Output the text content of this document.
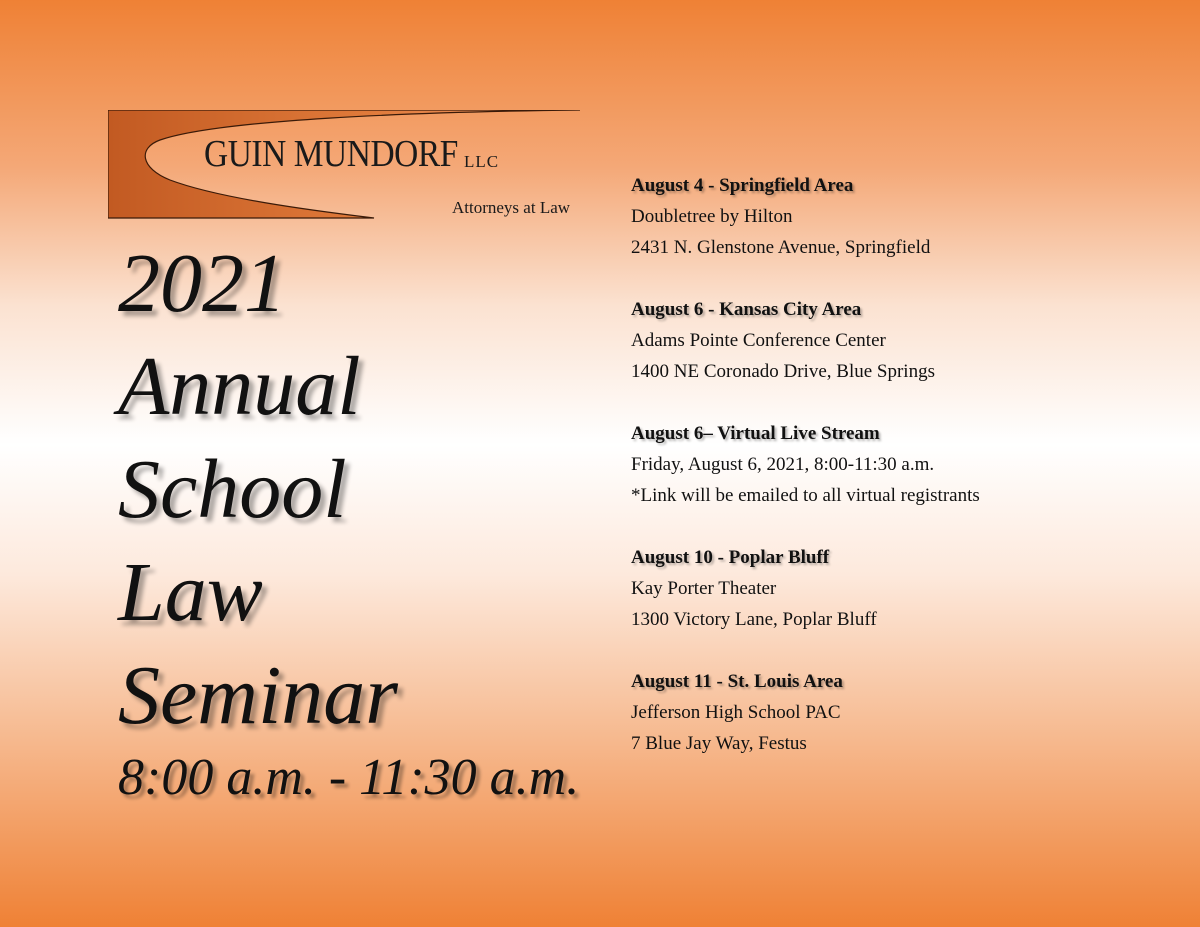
GUIN MUNDORF LLC
Attorneys at Law
2021
Annual
School
Law
Seminar
8:00 a.m. - 11:30 a.m.
August 4 - Springfield Area
Doubletree by Hilton
2431 N. Glenstone Avenue, Springfield
August 6 - Kansas City Area
Adams Pointe Conference Center
1400 NE Coronado Drive, Blue Springs
August 6– Virtual Live Stream
Friday, August 6, 2021, 8:00-11:30 a.m.
*Link will be emailed to all virtual registrants
August 10 - Poplar Bluff
Kay Porter Theater
1300 Victory Lane, Poplar Bluff
August 11 - St. Louis Area
Jefferson High School PAC
7 Blue Jay Way, Festus
